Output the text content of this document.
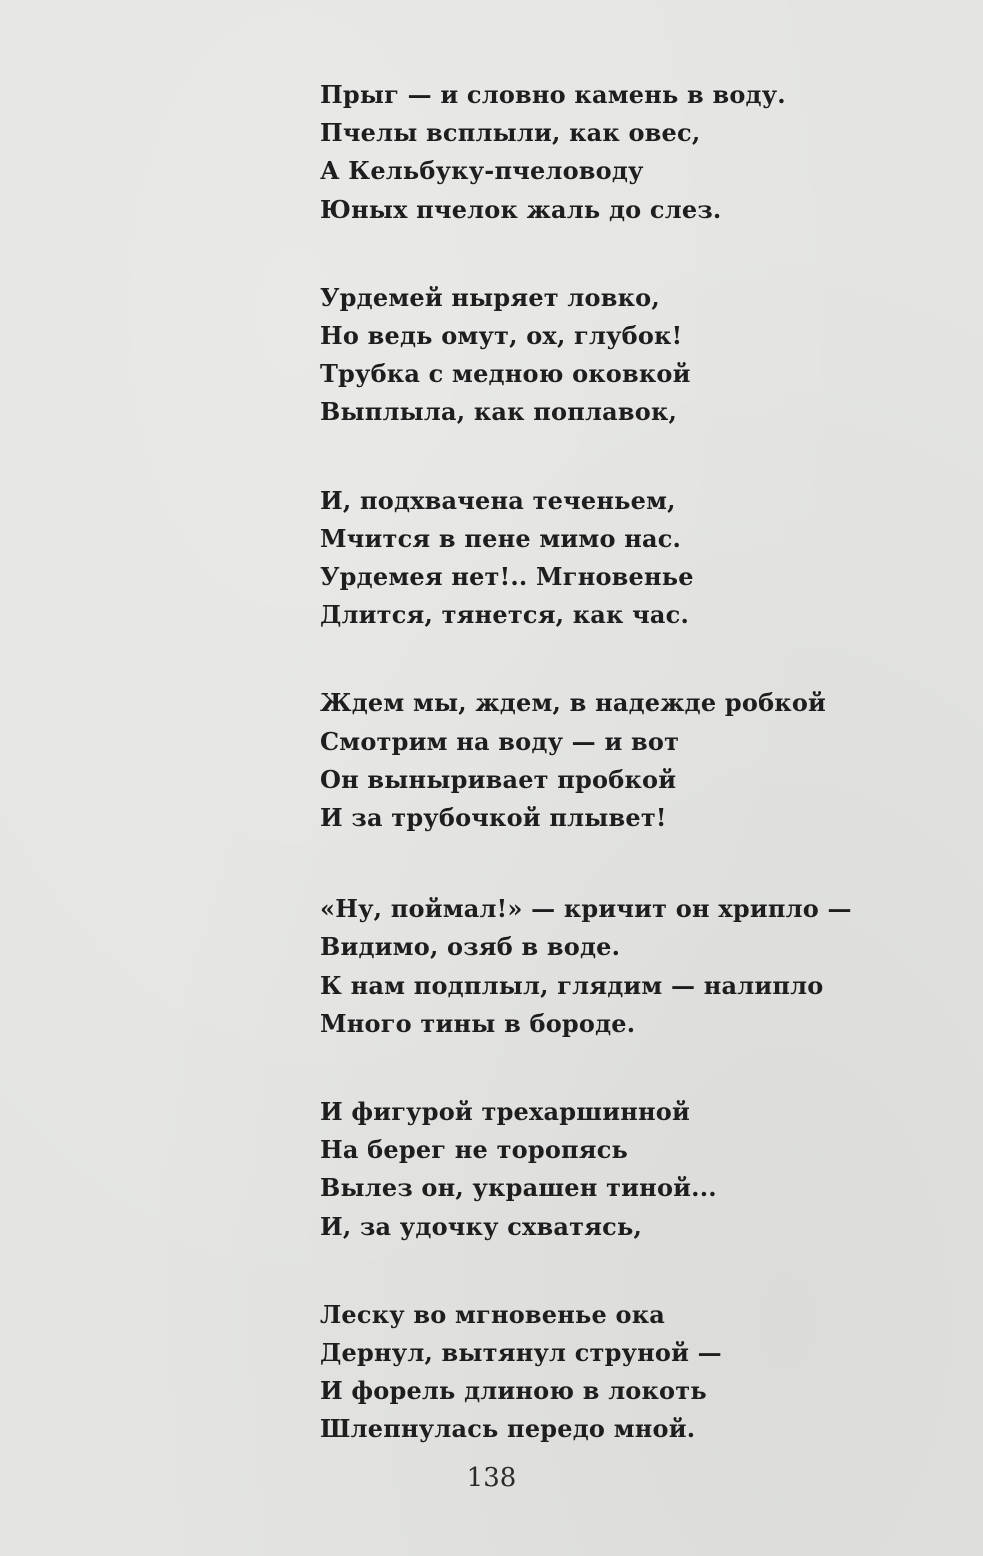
Прыг — и словно камень в воду.
Пчелы всплыли, как овес,
А Кельбуку-пчеловоду
Юных пчелок жаль до слез.
Урдемей ныряет ловко,
Но ведь омут, ох, глубок!
Трубка с медною оковкой
Выплыла, как поплавок,
И, подхвачена теченьем,
Мчится в пене мимо нас.
Урдемея нет!.. Мгновенье
Длится, тянется, как час.
Ждем мы, ждем, в надежде робкой
Смотрим на воду — и вот
Он выныривает пробкой
И за трубочкой плывет!
«Ну, поймал!» — кричит он хрипло —
Видимо, озяб в воде.
К нам подплыл, глядим — налипло
Много тины в бороде.
И фигурой трехаршинной
На берег не торопясь
Вылез он, украшен тиной...
И, за удочку схватясь,
Леску во мгновенье ока
Дернул, вытянул струной —
И форель длиною в локоть
Шлепнулась передо мной.
138
